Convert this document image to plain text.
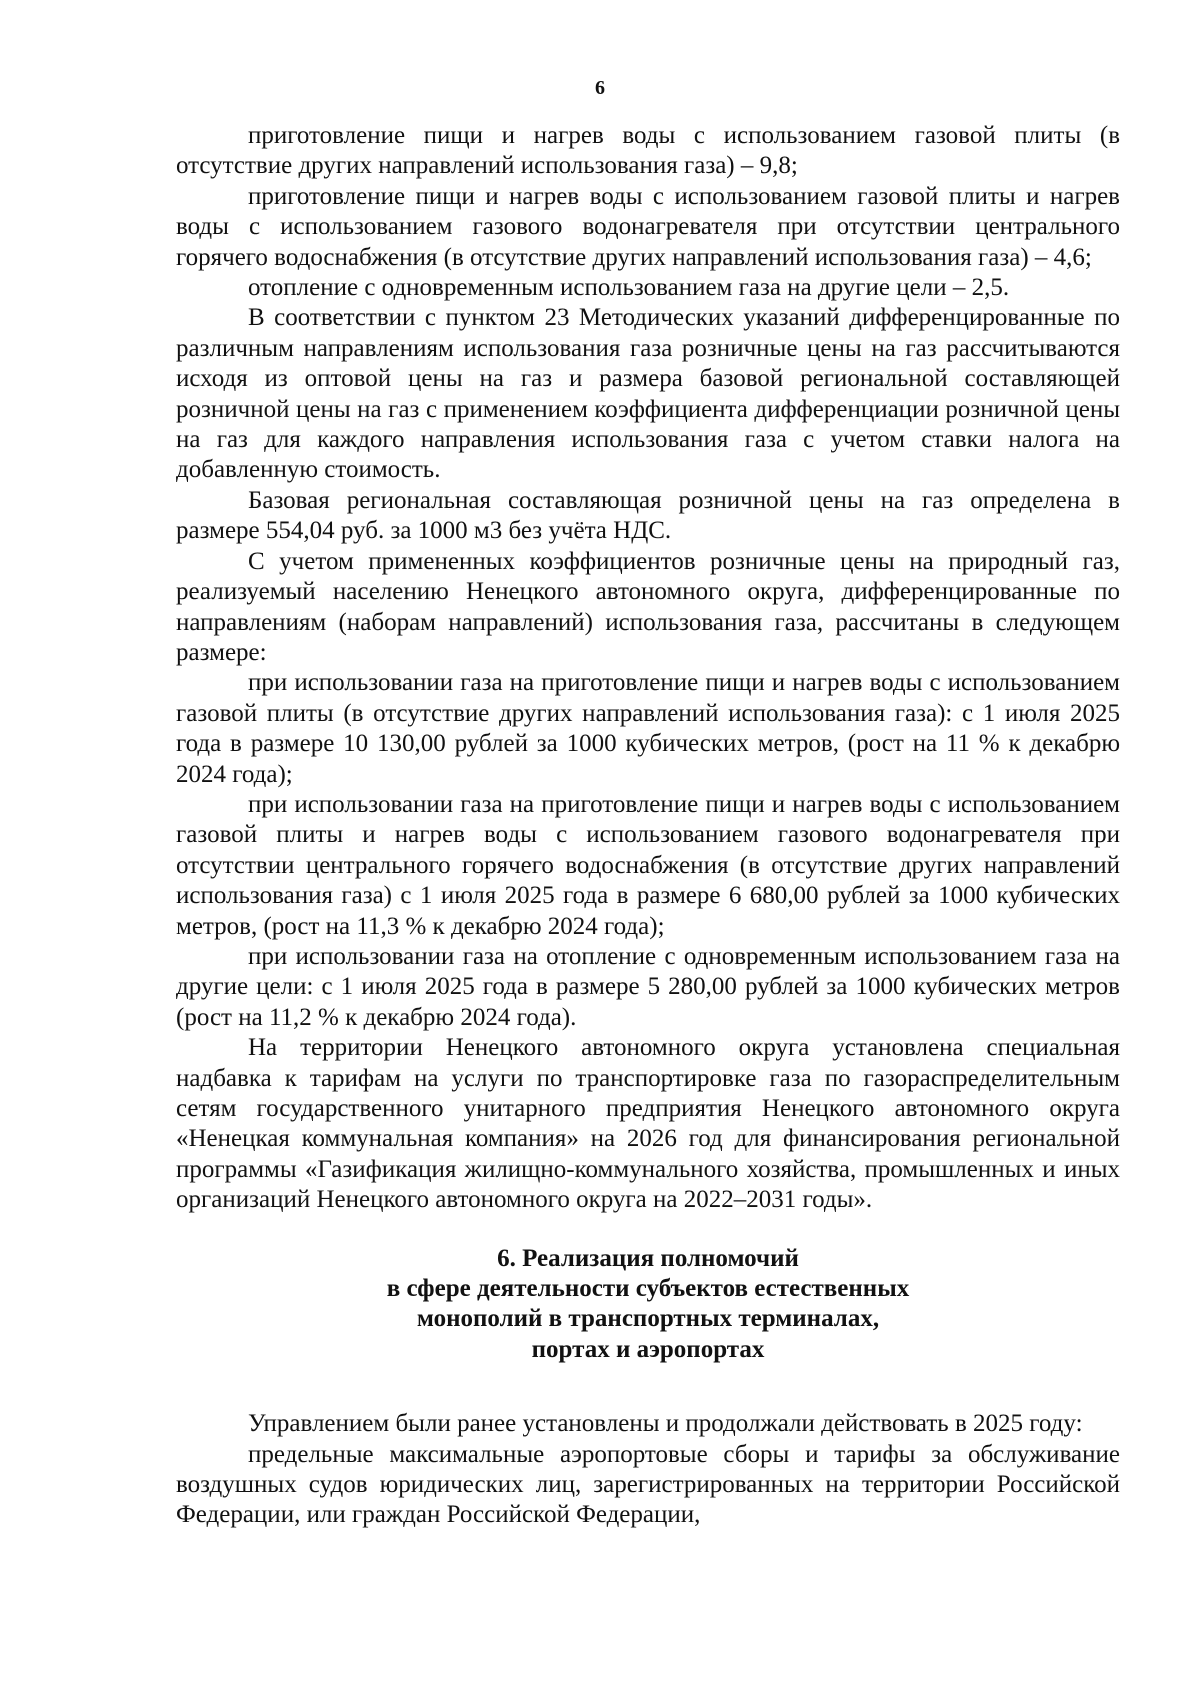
6

приготовление пищи и нагрев воды с использованием газовой плиты (в отсутствие других направлений использования газа) – 9,8;

приготовление пищи и нагрев воды с использованием газовой плиты и нагрев воды с использованием газового водонагревателя при отсутствии центрального горячего водоснабжения (в отсутствие других направлений использования газа) – 4,6;

отопление с одновременным использованием газа на другие цели – 2,5.

В соответствии с пунктом 23 Методических указаний дифференцированные по различным направлениям использования газа розничные цены на газ рассчитываются исходя из оптовой цены на газ и размера базовой региональной составляющей розничной цены на газ с применением коэффициента дифференциации розничной цены на газ для каждого направления использования газа с учетом ставки налога на добавленную стоимость.

Базовая региональная составляющая розничной цены на газ определена в размере 554,04 руб. за 1000 м3 без учёта НДС.

С учетом примененных коэффициентов розничные цены на природный газ, реализуемый населению Ненецкого автономного округа, дифференцированные по направлениям (наборам направлений) использования газа, рассчитаны в следующем размере:

при использовании газа на приготовление пищи и нагрев воды с использованием газовой плиты (в отсутствие других направлений использования газа): с 1 июля 2025 года в размере 10 130,00 рублей за 1000 кубических метров, (рост на 11 % к декабрю 2024 года);

при использовании газа на приготовление пищи и нагрев воды с использованием газовой плиты и нагрев воды с использованием газового водонагревателя при отсутствии центрального горячего водоснабжения (в отсутствие других направлений использования газа) с 1 июля 2025 года в размере 6 680,00 рублей за 1000 кубических метров, (рост на 11,3 % к декабрю 2024 года);

при использовании газа на отопление с одновременным использованием газа на другие цели: с 1 июля 2025 года в размере 5 280,00 рублей за 1000 кубических метров (рост на 11,2 % к декабрю 2024 года).

На территории Ненецкого автономного округа установлена специальная надбавка к тарифам на услуги по транспортировке газа по газораспределительным сетям государственного унитарного предприятия Ненецкого автономного округа «Ненецкая коммунальная компания» на 2026 год для финансирования региональной программы «Газификация жилищно-коммунального хозяйства, промышленных и иных организаций Ненецкого автономного округа на 2022–2031 годы».

6. Реализация полномочий
в сфере деятельности субъектов естественных
монополий в транспортных терминалах,
портах и аэропортах

Управлением были ранее установлены и продолжали действовать в 2025 году:

предельные максимальные аэропортовые сборы и тарифы за обслуживание воздушных судов юридических лиц, зарегистрированных на территории Российской Федерации, или граждан Российской Федерации,
